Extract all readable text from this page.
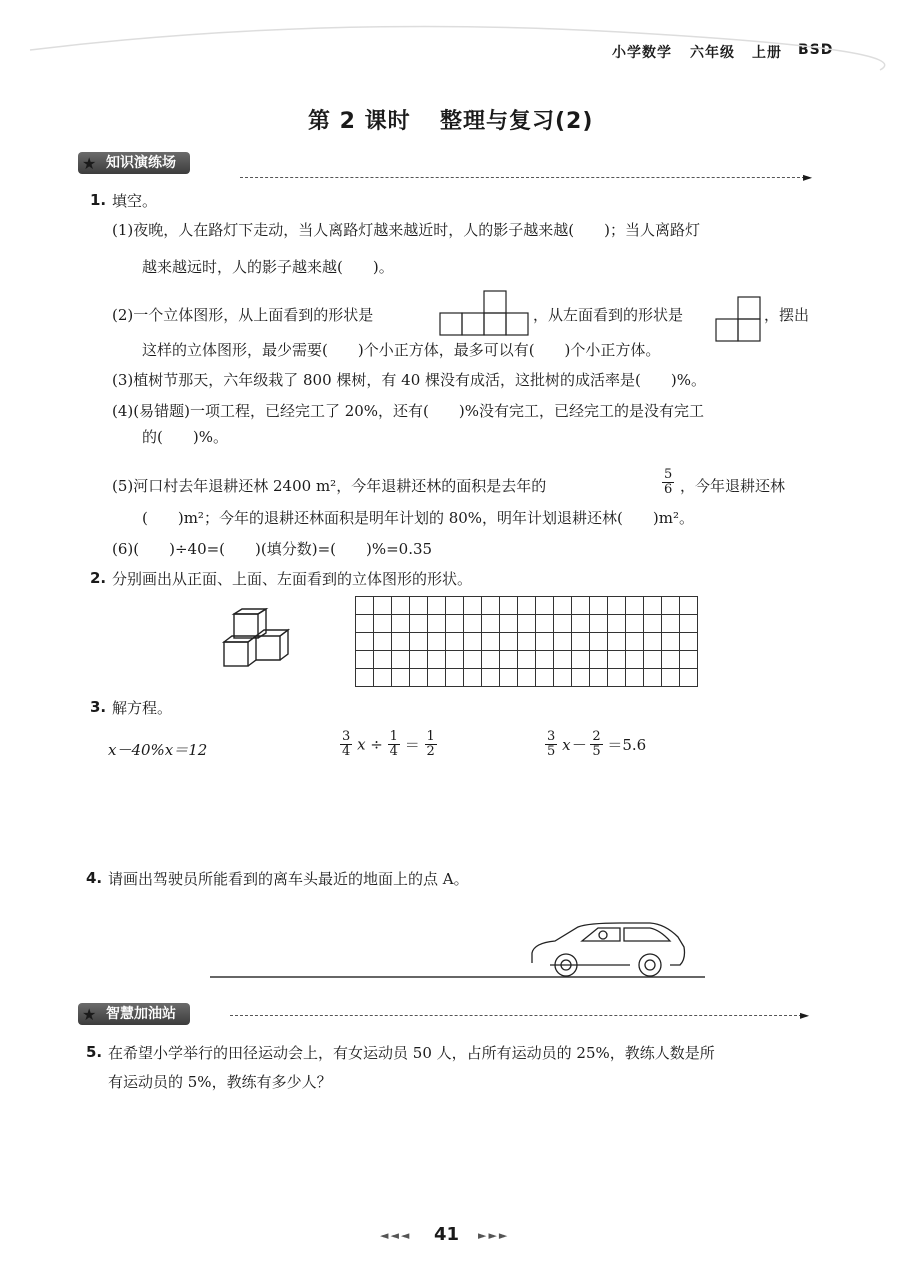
小学数学 六年级 上册 BSD
第 2 课时 整理与复习(2)
★ 知识演练场
►
1. 填空。
(1)夜晚，人在路灯下走动，当人离路灯越来越近时，人的影子越来越(　　)；当人离路灯
越来越远时，人的影子越来越(　　)。
(2)一个立体图形，从上面看到的形状是	，从左面看到的形状是	，摆出
这样的立体图形，最少需要(　　)个小正方体，最多可以有(　　)个小正方体。
(3)植树节那天，六年级栽了 800 棵树，有 40 棵没有成活，这批树的成活率是(　　)%。
(4)(易错题)一项工程，已经完工了 20%，还有(　　)%没有完工，已经完工的是没有完工
的(　　)%。
(5)河口村去年退耕还林 2400 m²，今年退耕还林的面积是去年的	$\frac{5}{6}$ ，今年退耕还林
(　　)m²；今年的退耕还林面积是明年计划的 80%，明年计划退耕还林(　　)m²。
(6)(　　)÷40=(　　)(填分数)=(　　)%=0.35
2. 分别画出从正面、上面、左面看到的立体图形的形状。
3. 解方程。
x－40%x＝12	$\frac{3}{4}$ $x \div \frac{1}{4} = \frac{1}{2}$	$\frac{3}{5} x- \frac{2}{5} =5.6$
4. 请画出驾驶员所能看到的离车头最近的地面上的点 A。
★ 智慧加油站	►
5. 在希望小学举行的田径运动会上，有女运动员 50 人，占所有运动员的 25%，教练人数是所
有运动员的 5%，教练有多少人？
◄◄◄ 41 ►►►
